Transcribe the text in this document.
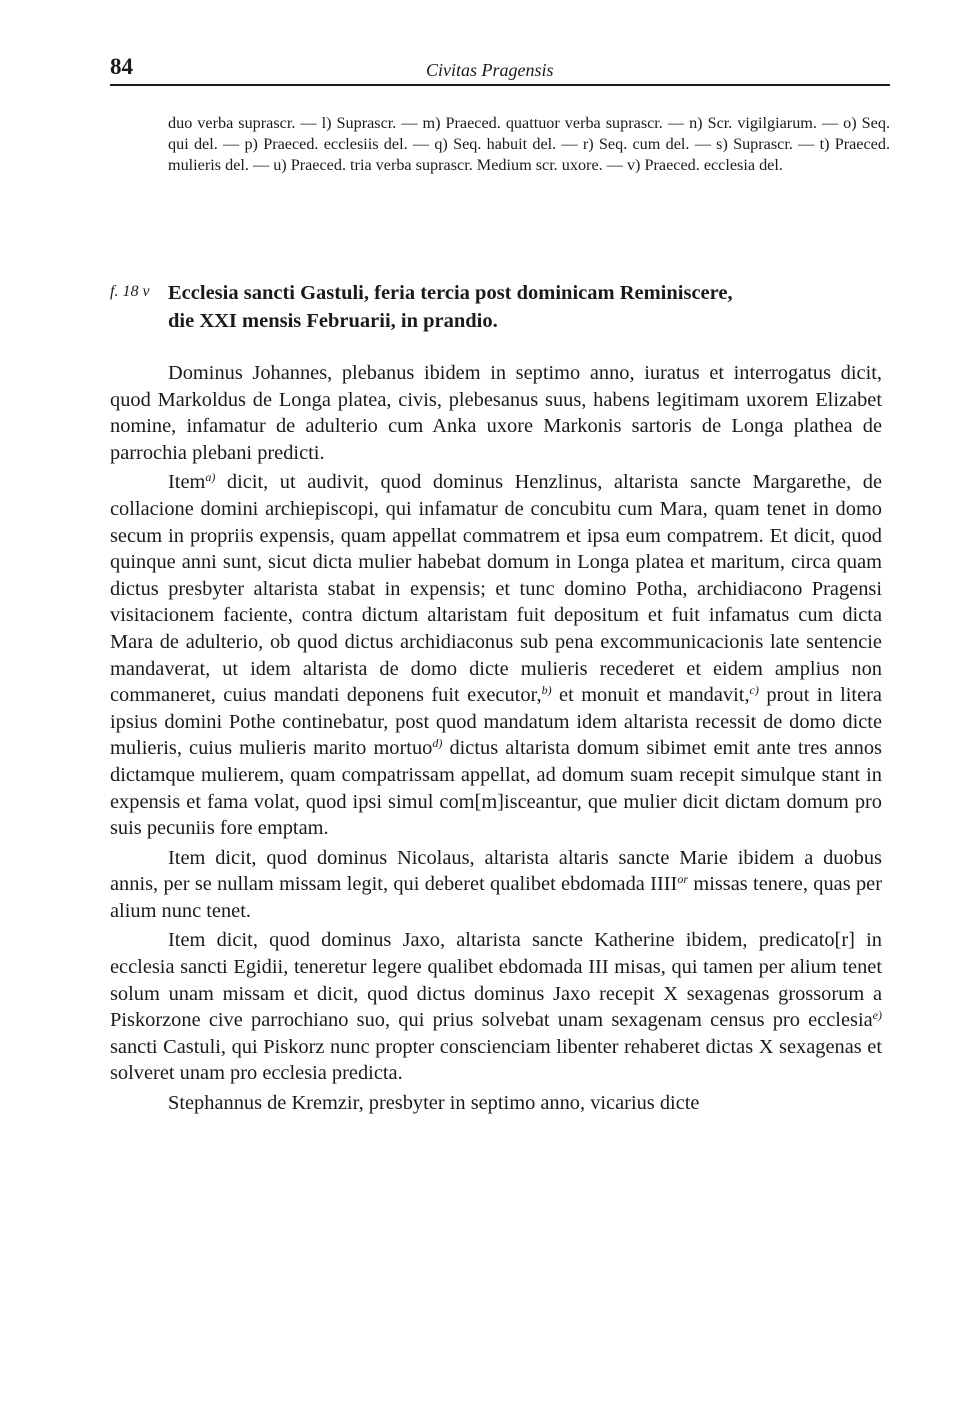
84	Civitas Pragensis

duo verba suprascr. — l) Suprascr. — m) Praeced. quattuor verba suprascr. — n) Scr. vigilgiarum. — o) Seq. qui del. — p) Praeced. ecclesiis del. — q) Seq. habuit del. — r) Seq. cum del. — s) Suprascr. — t) Praeced. mulieris del. — u) Praeced. tria verba suprascr. Medium scr. uxore. — v) Praeced. ecclesia del.

f. 18 v Ecclesia sancti Gastuli, feria tercia post dominicam Reminiscere,

die XXI mensis Februarii, in prandio.

Dominus Johannes, plebanus ibidem in septimo anno, iuratus et interrogatus dicit, quod Markoldus de Longa platea, civis, plebesanus suus, habens legitimam uxorem Elizabet nomine, infamatur de adulterio cum Anka uxore Markonis sartoris de Longa plathea de parrochia plebani predicti.

Item$^{a)}$ dicit, ut audivit, quod dominus Henzlinus, altarista sancte Margarethe, de collacione domini archiepiscopi, qui infamatur de concubitu cum Mara, quam tenet in domo secum in propriis expensis, quam appellat commatrem et ipsa eum compatrem. Et dicit, quod quinque anni sunt, sicut dicta mulier habebat domum in Longa platea et maritum, circa quam dictus presbyter altarista stabat in expensis; et tunc domino Potha, archidiacono Pragensi visitacionem faciente, contra dictum altaristam fuit depositum et fuit infamatus cum dicta Mara de adulterio, ob quod dictus archidiaconus sub pena excommunicacionis late sentencie mandaverat, ut idem altarista de domo dicte mulieris recederet et eidem amplius non commaneret, cuius mandati deponens fuit executor,$^{b)}$ et monuit et mandavit,$^{c)}$ prout in litera ipsius domini Pothe continebatur, post quod mandatum idem altarista recessit de domo dicte mulieris, cuius mulieris marito mortuo$^{d)}$ dictus altarista domum sibimet emit ante tres annos dictamque mulierem, quam compatrissam appellat, ad domum suam recepit simulque stant in expensis et fama volat, quod ipsi simul com[m]isceantur, que mulier dicit dictam domum pro suis pecuniis fore emptam.

Item dicit, quod dominus Nicolaus, altarista altaris sancte Marie ibidem a duobus annis, per se nullam missam legit, qui deberet qualibet ebdomada $IIII^{or}$ missas tenere, quas per alium nunc tenet.

Item dicit, quod dominus Jaxo, altarista sancte Katherine ibidem, predicato[r] in ecclesia sancti Egidii, teneretur legere qualibet ebdomada III misas, qui tamen per alium tenet solum unam missam et dicit, quod dictus dominus Jaxo recepit X sexagenas grossorum a Piskorzone cive parrochiano suo, qui prius solvebat unam sexagenam census pro ecclesia$^{e)}$ sancti Castuli, qui Piskorz nunc propter conscienciam libenter rehaberet dictas X sexagenas et solveret unam pro ecclesia predicta.

Stephannus de Kremzir, presbyter in septimo anno, vicarius dicte
